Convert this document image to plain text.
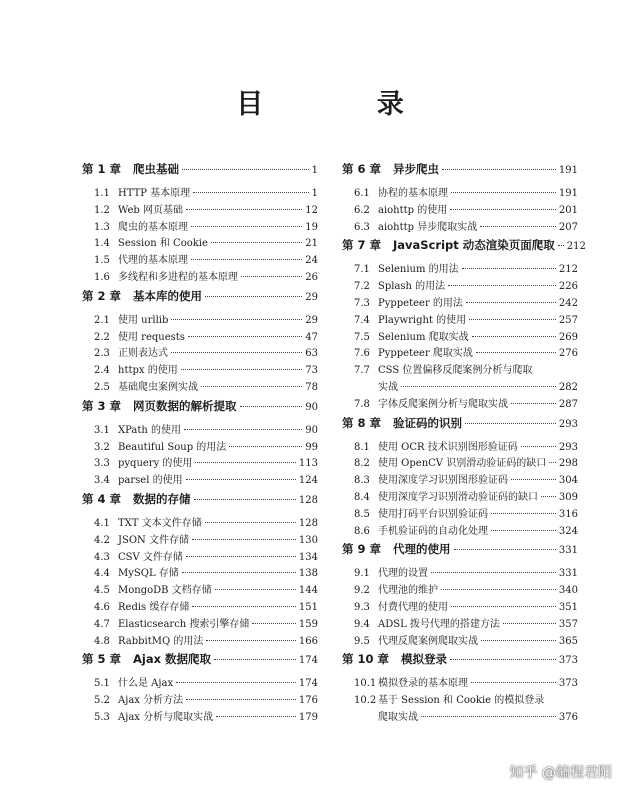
目 录
第 1 章 爬虫基础	1
1.1 HTTP 基本原理	1
1.2 Web 网页基础	12
1.3 爬虫的基本原理	19
1.4 Session 和 Cookie	21
1.5 代理的基本原理	24
1.6 多线程和多进程的基本原理	26
第 2 章 基本库的使用	29
2.1 使用 urllib	29
2.2 使用 requests	47
2.3 正则表达式	63
2.4 httpx 的使用	73
2.5 基础爬虫案例实战	78
第 3 章 网页数据的解析提取	90
3.1 XPath 的使用	90
3.2 Beautiful Soup 的用法	99
3.3 pyquery 的使用	113
3.4 parsel 的使用	124
第 4 章 数据的存储	128
4.1 TXT 文本文件存储	128
4.2 JSON 文件存储	130
4.3 CSV 文件存储	134
4.4 MySQL 存储	138
4.5 MongoDB 文档存储	144
4.6 Redis 缓存存储	151
4.7 Elasticsearch 搜索引擎存储	159
4.8 RabbitMQ 的用法	166
第 5 章 Ajax 数据爬取	174
5.1 什么是 Ajax	174
5.2 Ajax 分析方法	176
5.3 Ajax 分析与爬取实战	179
第 6 章 异步爬虫	191
6.1 协程的基本原理	191
6.2 aiohttp 的使用	201
6.3 aiohttp 异步爬取实战	207
第 7 章 JavaScript 动态渲染页面爬取 212
7.1 Selenium 的用法	212
7.2 Splash 的用法	226
7.3 Pyppeteer 的用法	242
7.4 Playwright 的使用	257
7.5 Selenium 爬取实战	269
7.6 Pyppeteer 爬取实战	276
7.7 CSS 位置偏移反爬案例分析与爬取
实战	282
7.8 字体反爬案例分析与爬取实战	287
第 8 章 验证码的识别	293
8.1 使用 OCR 技术识别图形验证码	293
8.2 使用 OpenCV 识别滑动验证码的缺口 298
8.3 使用深度学习识别图形验证码	304
8.4 使用深度学习识别滑动验证码的缺口 309
8.5 使用打码平台识别验证码	316
8.6 手机验证码的自动化处理	324
第 9 章 代理的使用	331
9.1 代理的设置	331
9.2 代理池的维护	340
9.3 付费代理的使用	351
9.4 ADSL 拨号代理的搭建方法	357
9.5 代理反爬案例爬取实战	365
第 10 章 模拟登录	373
10.1 模拟登录的基本原理	373
10.2 基于 Session 和 Cookie 的模拟登录
爬取实战	376
知乎 @编程君陌
